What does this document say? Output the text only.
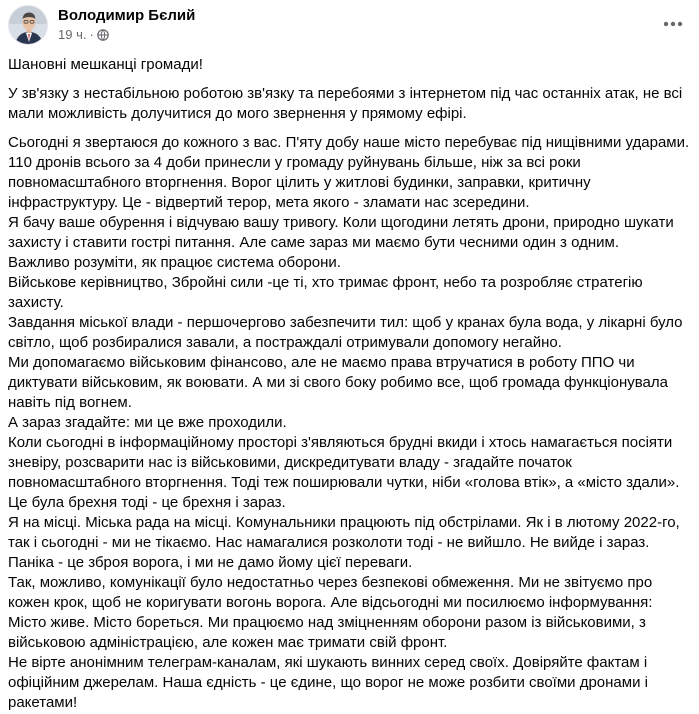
Володимир Бєлий
19 ч. ·

Шановні мешканці громади!

У зв'язку з нестабільною роботою зв'язку та перебоями з інтернетом під час останніх атак, не всі
мали можливість долучитися до мого звернення у прямому ефірі.

Сьогодні я звертаюся до кожного з вас. П'яту добу наше місто перебуває під нищівними ударами.
110 дронів всього за 4 доби принесли у громаду руйнувань більше, ніж за всі роки
повномасштабного вторгнення. Ворог цілить у житлові будинки, заправки, критичну
інфраструктуру. Це - відвертий терор, мета якого - зламати нас зсередини.
Я бачу ваше обурення і відчуваю вашу тривогу. Коли щогодини летять дрони, природно шукати
захисту і ставити гострі питання. Але саме зараз ми маємо бути чесними один з одним.
Важливо розуміти, як працює система оборони.
Військове керівництво, Збройні сили -це ті, хто тримає фронт, небо та розробляє стратегію
захисту.
Завдання міської влади - першочергово забезпечити тил: щоб у кранах була вода, у лікарні було
світло, щоб розбиралися завали, а постраждалі отримували допомогу негайно.
Ми допомагаємо військовим фінансово, але не маємо права втручатися в роботу ППО чи
диктувати військовим, як воювати. А ми зі свого боку робимо все, щоб громада функціонувала
навіть під вогнем.
А зараз згадайте: ми це вже проходили.
Коли сьогодні в інформаційному просторі з'являються брудні вкиди і хтось намагається посіяти
зневіру, розсварити нас із військовими, дискредитувати владу - згадайте початок
повномасштабного вторгнення. Тоді теж поширювали чутки, ніби «голова втік», а «місто здали».
Це була брехня тоді - це брехня і зараз.
Я на місці. Міська рада на місці. Комунальники працюють під обстрілами. Як і в лютому 2022-го,
так і сьогодні - ми не тікаємо. Нас намагалися розколоти тоді - не вийшло. Не вийде і зараз.
Паніка - це зброя ворога, і ми не дамо йому цієї переваги.
Так, можливо, комунікації було недостатньо через безпекові обмеження. Ми не звітуємо про
кожен крок, щоб не коригувати вогонь ворога. Але відсьогодні ми посилюємо інформування:
Місто живе. Місто бореться. Ми працюємо над зміцненням оборони разом із військовими, з
військовою адміністрацією, але кожен має тримати свій фронт.
Не вірте анонімним телеграм-каналам, які шукають винних серед своїх. Довіряйте фактам і
офіційним джерелам. Наша єдність - це єдине, що ворог не може розбити своїми дронами і
ракетами!
